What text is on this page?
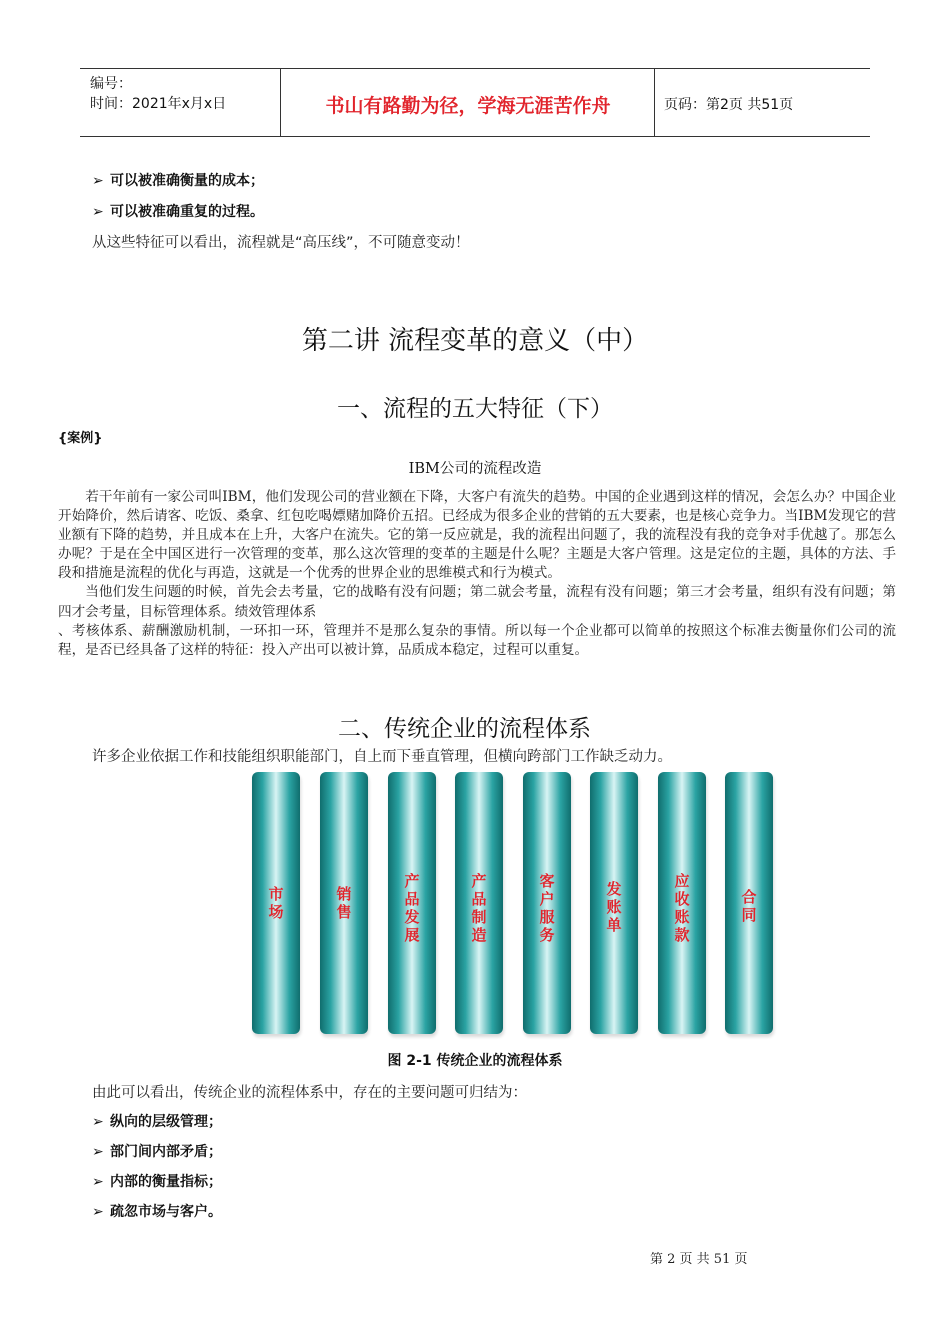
编号：
时间：2021年x月x日	书山有路勤为径，学海无涯苦作舟	页码：第2页 共51页
➢ 可以被准确衡量的成本；
➢ 可以被准确重复的过程。
从这些特征可以看出，流程就是“高压线”，不可随意变动！
第二讲 流程变革的意义（中）
一、流程的五大特征（下）
{案例}
IBM公司的流程改造

若干年前有一家公司叫IBM，他们发现公司的营业额在下降，大客户有流失的趋势。中国的企业遇到这样的情况，会怎么办？中国企业开始降价，然后请客、吃饭、桑拿、红包吃喝嫖赌加降价五招。已经成为很多企业的营销的五大要素，也是核心竞争力。当IBM发现它的营业额有下降的趋势，并且成本在上升，大客户在流失。它的第一反应就是，我的流程出问题了，我的流程没有我的竞争对手优越了。那怎么办呢？于是在全中国区进行一次管理的变革，那么这次管理的变革的主题是什么呢？主题是大客户管理。这是定位的主题，具体的方法、手段和措施是流程的优化与再造，这就是一个优秀的世界企业的思维模式和行为模式。

当他们发生问题的时候，首先会去考量，它的战略有没有问题；第二就会考量，流程有没有问题；第三才会考量，组织有没有问题；第四才会考量，目标管理体系。绩效管理体系

、考核体系、薪酬激励机制，一环扣一环，管理并不是那么复杂的事情。所以每一个企业都可以简单的按照这个标准去衡量你们公司的流程，是否已经具备了这样的特征：投入产出可以被计算，品质成本稳定，过程可以重复。

二、传统企业的流程体系
许多企业依据工作和技能组织职能部门，自上而下垂直管理，但横向跨部门工作缺乏动力。
市
场
销
售
产
品
发
展
产
品
制
造
客
户
服
务
发
账
单
应
收
账
款
合
同
图 2-1 传统企业的流程体系
由此可以看出，传统企业的流程体系中，存在的主要问题可归结为：
➢ 纵向的层级管理；
➢ 部门间内部矛盾；
➢ 内部的衡量指标；
➢ 疏忽市场与客户。
第 2 页 共 51 页
